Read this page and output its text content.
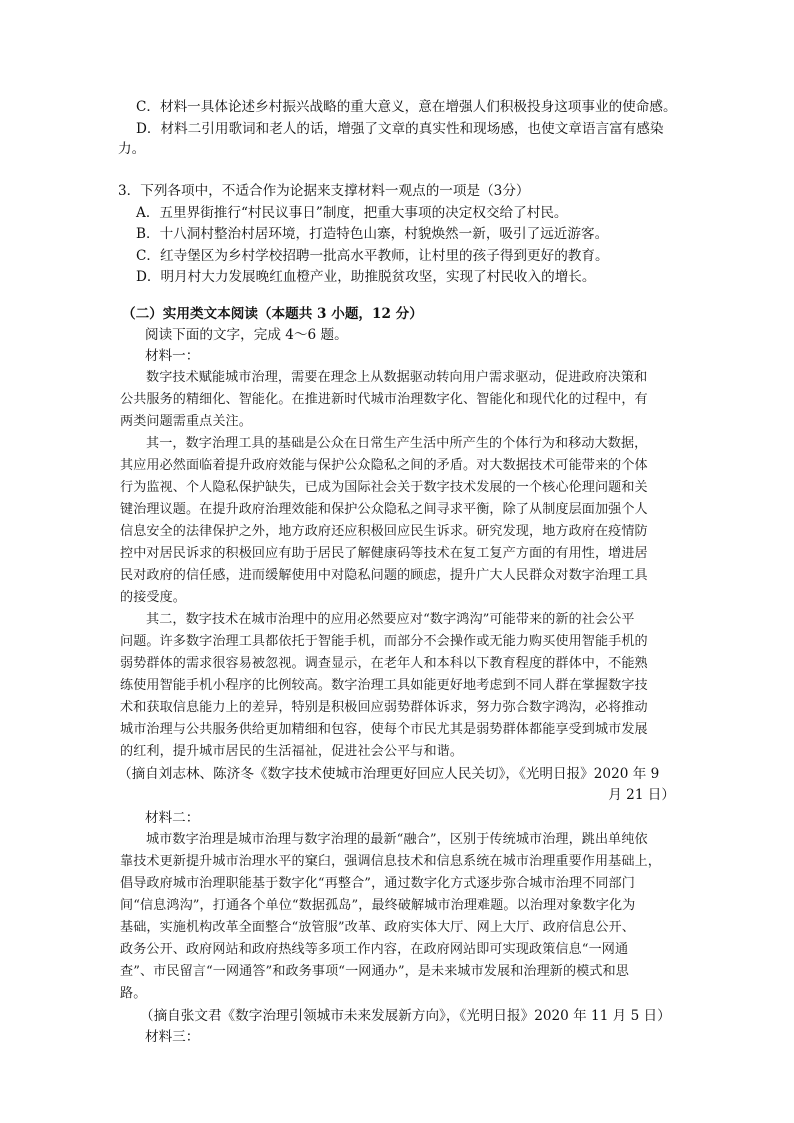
C．材料一具体论述乡村振兴战略的重大意义，意在增强人们积极投身这项事业的使命感。
D．材料二引用歌词和老人的话，增强了文章的真实性和现场感，也使文章语言富有感染
力。
3．下列各项中，不适合作为论据来支撑材料一观点的一项是（3分）
A．五里界街推行“村民议事日”制度，把重大事项的决定权交给了村民。
B．十八洞村整治村居环境，打造特色山寨，村貌焕然一新，吸引了远近游客。
C．红寺堡区为乡村学校招聘一批高水平教师，让村里的孩子得到更好的教育。
D．明月村大力发展晚红血橙产业，助推脱贫攻坚，实现了村民收入的增长。
（二）实用类文本阅读（本题共 3 小题，12 分）
阅读下面的文字，完成 4～6 题。
材料一：
数字技术赋能城市治理，需要在理念上从数据驱动转向用户需求驱动，促进政府决策和
公共服务的精细化、智能化。在推进新时代城市治理数字化、智能化和现代化的过程中，有
两类问题需重点关注。
其一，数字治理工具的基础是公众在日常生产生活中所产生的个体行为和移动大数据，
其应用必然面临着提升政府效能与保护公众隐私之间的矛盾。对大数据技术可能带来的个体
行为监视、个人隐私保护缺失，已成为国际社会关于数字技术发展的一个核心伦理问题和关
键治理议题。在提升政府治理效能和保护公众隐私之间寻求平衡，除了从制度层面加强个人
信息安全的法律保护之外，地方政府还应积极回应民生诉求。研究发现，地方政府在疫情防
控中对居民诉求的积极回应有助于居民了解健康码等技术在复工复产方面的有用性，增进居
民对政府的信任感，进而缓解使用中对隐私问题的顾虑，提升广大人民群众对数字治理工具
的接受度。
其二，数字技术在城市治理中的应用必然要应对“数字鸿沟”可能带来的新的社会公平
问题。许多数字治理工具都依托于智能手机，而部分不会操作或无能力购买使用智能手机的
弱势群体的需求很容易被忽视。调查显示，在老年人和本科以下教育程度的群体中，不能熟
练使用智能手机小程序的比例较高。数字治理工具如能更好地考虑到不同人群在掌握数字技
术和获取信息能力上的差异，特别是积极回应弱势群体诉求，努力弥合数字鸿沟，必将推动
城市治理与公共服务供给更加精细和包容，使每个市民尤其是弱势群体都能享受到城市发展
的红利，提升城市居民的生活福祉，促进社会公平与和谐。
（摘自刘志林、陈济冬《数字技术使城市治理更好回应人民关切》，《光明日报》2020 年 9
月 21 日）
材料二：
城市数字治理是城市治理与数字治理的最新“融合”，区别于传统城市治理，跳出单纯依
靠技术更新提升城市治理水平的窠臼，强调信息技术和信息系统在城市治理重要作用基础上，
倡导政府城市治理职能基于数字化“再整合”，通过数字化方式逐步弥合城市治理不同部门
间“信息鸿沟”，打通各个单位“数据孤岛”，最终破解城市治理难题。以治理对象数字化为
基础，实施机构改革全面整合“放管服”改革、政府实体大厅、网上大厅、政府信息公开、
政务公开、政府网站和政府热线等多项工作内容，在政府网站即可实现政策信息“一网通
查”、市民留言“一网通答”和政务事项“一网通办”，是未来城市发展和治理新的模式和思
路。
（摘自张文君《数字治理引领城市未来发展新方向》，《光明日报》2020 年 11 月 5 日）
材料三：
